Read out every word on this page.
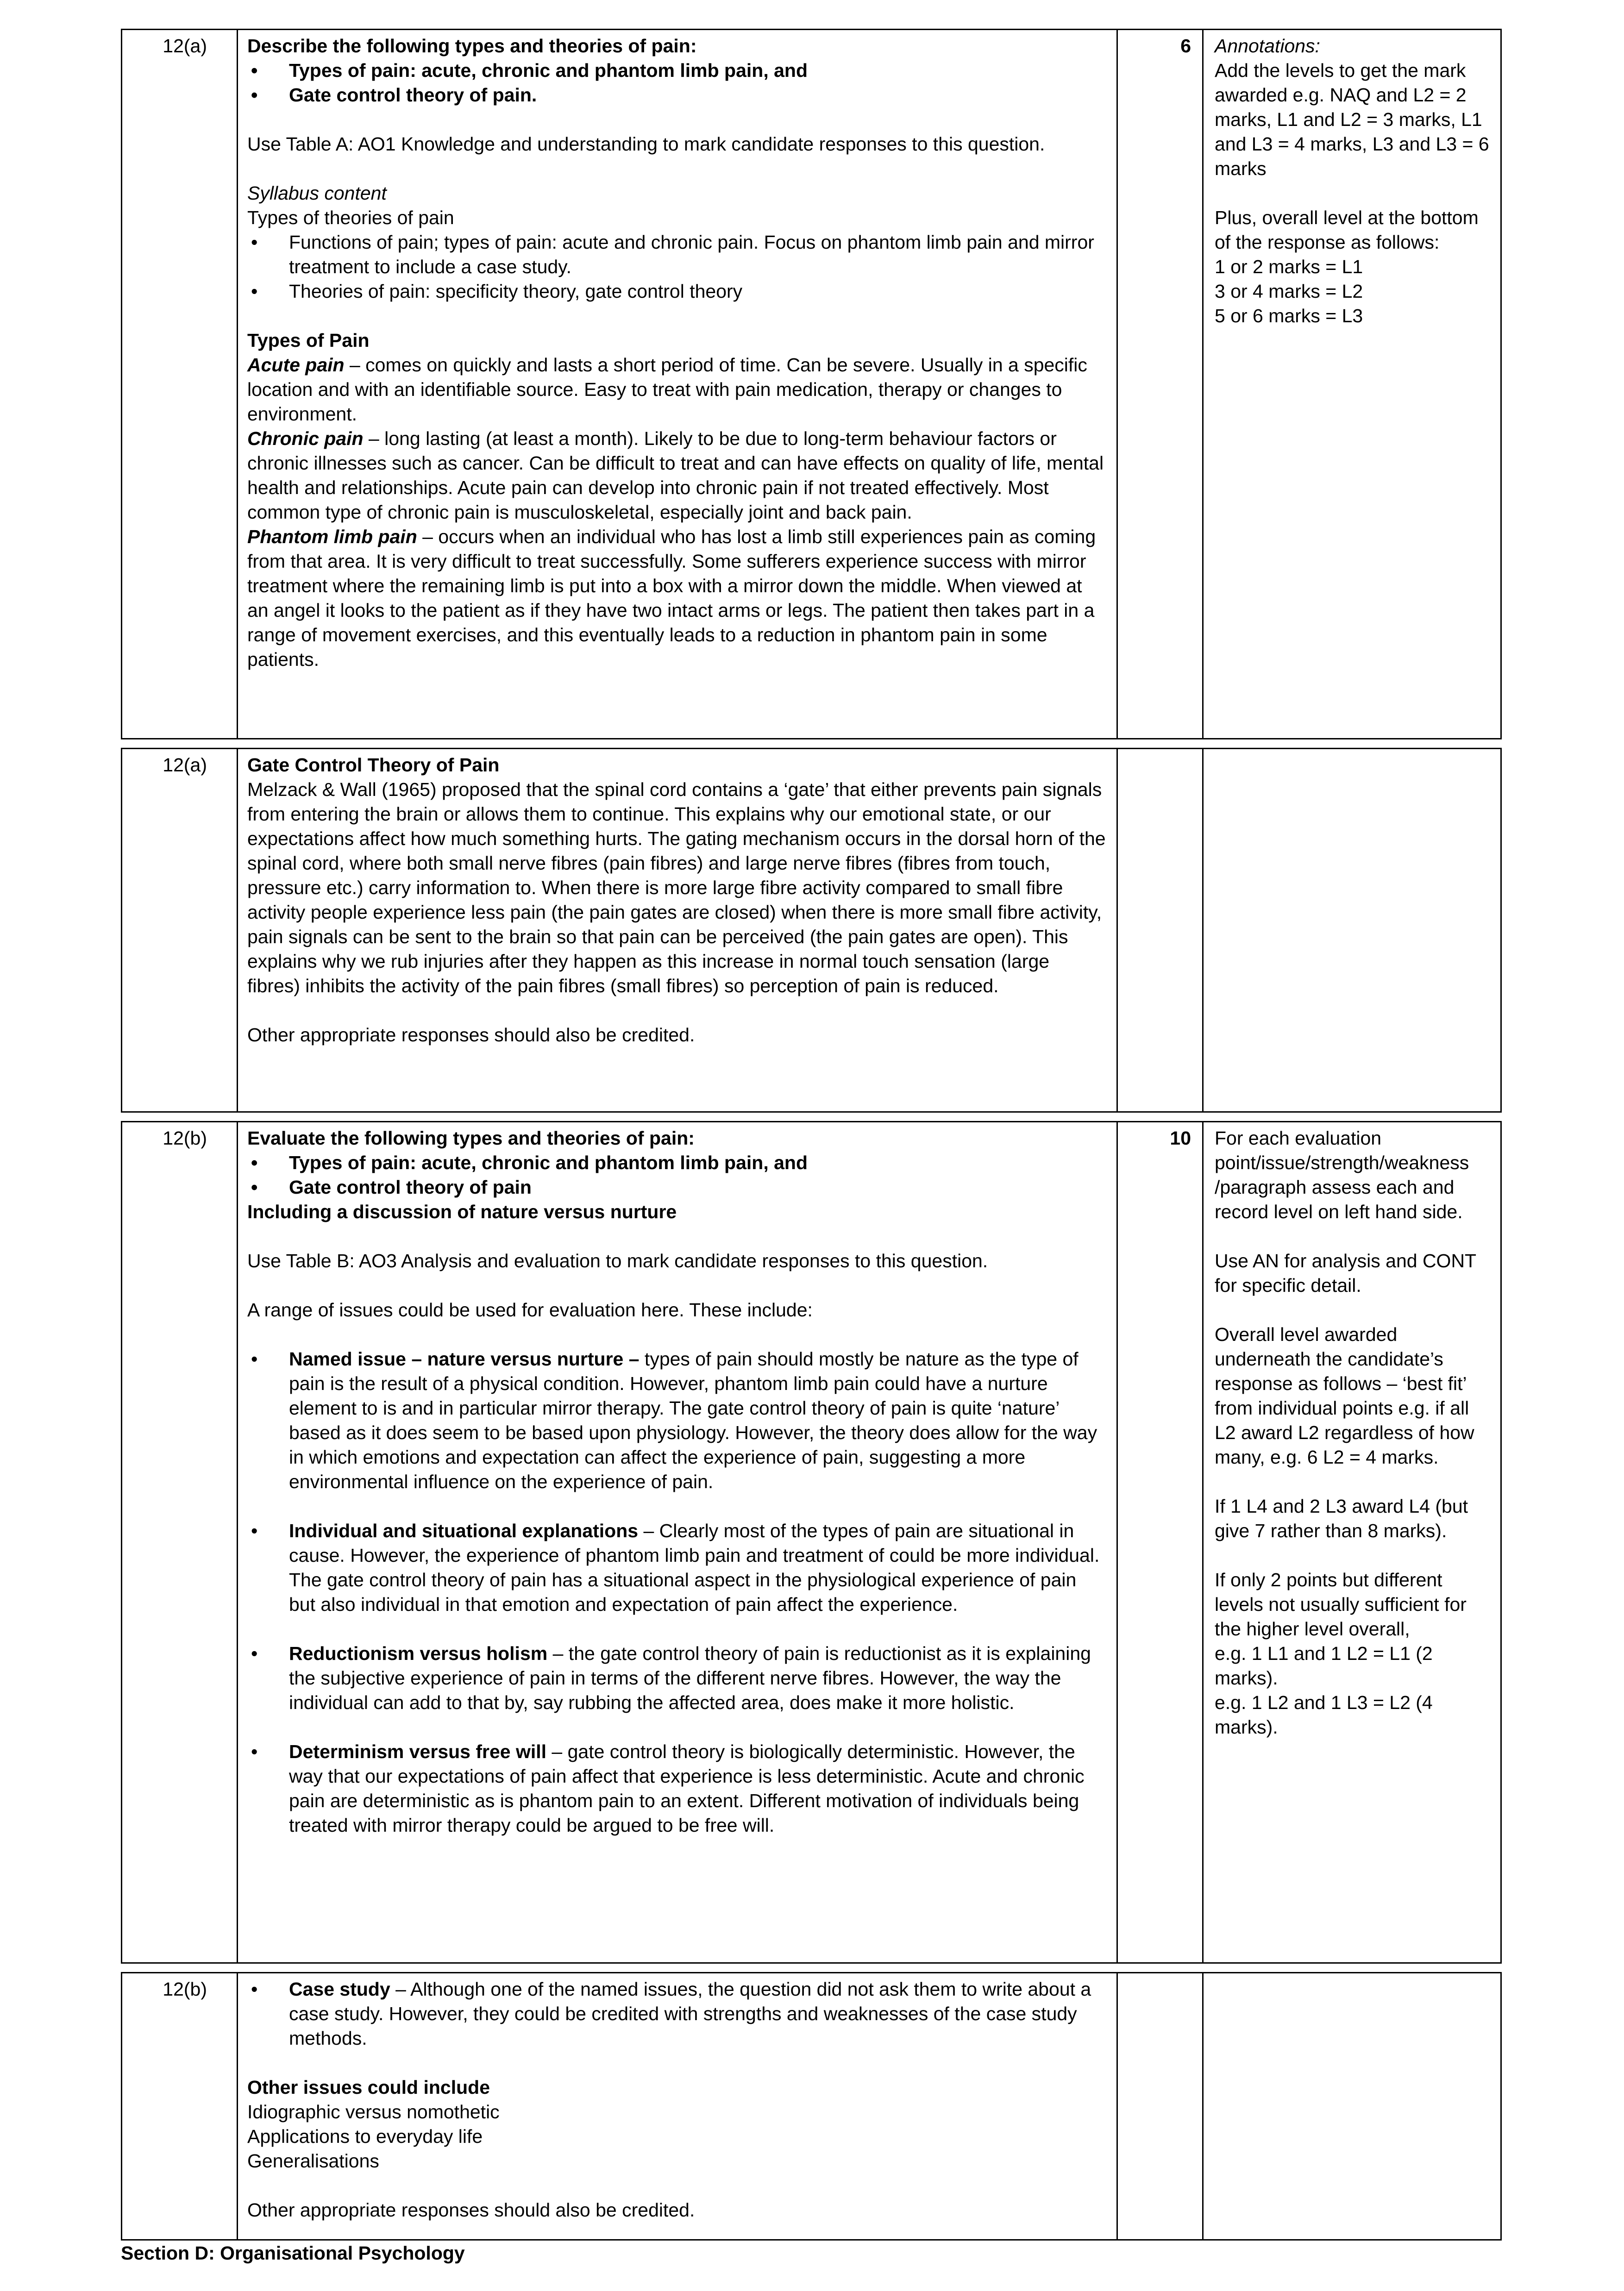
12(a)	Describe the following types and theories of pain:

• Types of pain: acute, chronic and phantom limb pain, and
• Gate control theory of pain.

Use Table A: AO1 Knowledge and understanding to mark candidate responses to this question.

Syllabus content

Types of theories of pain

• Functions of pain; types of pain: acute and chronic pain. Focus on phantom limb pain and mirror treatment to include a case study.
• Theories of pain: specificity theory, gate control theory

Types of Pain

Acute pain – comes on quickly and lasts a short period of time. Can be severe. Usually in a specific location and with an identifiable source. Easy to treat with pain medication, therapy or changes to environment.

Chronic pain – long lasting (at least a month). Likely to be due to long-term behaviour factors or chronic illnesses such as cancer. Can be difficult to treat and can have effects on quality of life, mental health and relationships. Acute pain can develop into chronic pain if not treated effectively. Most common type of chronic pain is musculoskeletal, especially joint and back pain.

Phantom limb pain – occurs when an individual who has lost a limb still experiences pain as coming from that area. It is very difficult to treat successfully. Some sufferers experience success with mirror treatment where the remaining limb is put into a box with a mirror down the middle. When viewed at an angel it looks to the patient as if they have two intact arms or legs. The patient then takes part in a range of movement exercises, and this eventually leads to a reduction in phantom pain in some patients.

6	Annotations:

Add the levels to get the mark awarded e.g. NAQ and L2 = 2 marks, L1 and L2 = 3 marks, L1 and L3 = 4 marks, L3 and L3 = 6 marks

Plus, overall level at the bottom of the response as follows:

1 or 2 marks = L1

3 or 4 marks = L2

5 or 6 marks = L3

12(a)	Gate Control Theory of Pain

Melzack & Wall (1965) proposed that the spinal cord contains a ‘gate’ that either prevents pain signals from entering the brain or allows them to continue. This explains why our emotional state, or our expectations affect how much something hurts. The gating mechanism occurs in the dorsal horn of the spinal cord, where both small nerve fibres (pain fibres) and large nerve fibres (fibres from touch, pressure etc.) carry information to. When there is more large fibre activity compared to small fibre activity people experience less pain (the pain gates are closed) when there is more small fibre activity, pain signals can be sent to the brain so that pain can be perceived (the pain gates are open). This explains why we rub injuries after they happen as this increase in normal touch sensation (large fibres) inhibits the activity of the pain fibres (small fibres) so perception of pain is reduced.

Other appropriate responses should also be credited.

12(b)	Evaluate the following types and theories of pain:

• Types of pain: acute, chronic and phantom limb pain, and
• Gate control theory of pain

Including a discussion of nature versus nurture

Use Table B: AO3 Analysis and evaluation to mark candidate responses to this question.

A range of issues could be used for evaluation here. These include:

• Named issue – nature versus nurture – types of pain should mostly be nature as the type of pain is the result of a physical condition. However, phantom limb pain could have a nurture element to is and in particular mirror therapy. The gate control theory of pain is quite ‘nature’ based as it does seem to be based upon physiology. However, the theory does allow for the way in which emotions and expectation can affect the experience of pain, suggesting a more environmental influence on the experience of pain.
• Individual and situational explanations – Clearly most of the types of pain are situational in cause. However, the experience of phantom limb pain and treatment of could be more individual. The gate control theory of pain has a situational aspect in the physiological experience of pain but also individual in that emotion and expectation of pain affect the experience.
• Reductionism versus holism – the gate control theory of pain is reductionist as it is explaining the subjective experience of pain in terms of the different nerve fibres. However, the way the individual can add to that by, say rubbing the affected area, does make it more holistic.
• Determinism versus free will – gate control theory is biologically deterministic. However, the way that our expectations of pain affect that experience is less deterministic. Acute and chronic pain are deterministic as is phantom pain to an extent. Different motivation of individuals being treated with mirror therapy could be argued to be free will.
10	For each evaluation point/issue/strength/weakness /paragraph assess each and record level on left hand side.

Use AN for analysis and CONT for specific detail.

Overall level awarded underneath the candidate’s response as follows – ‘best fit’ from individual points e.g. if all L2 award L2 regardless of how many, e.g. 6 L2 = 4 marks.

If 1 L4 and 2 L3 award L4 (but give 7 rather than 8 marks).

If only 2 points but different levels not usually sufficient for the higher level overall,

e.g. 1 L1 and 1 L2 = L1 (2 marks).

e.g. 1 L2 and 1 L3 = L2 (4 marks).

12(b)
•	Case study – Although one of the named issues, the question did not ask them to write about a case study. However, they could be credited with strengths and weaknesses of the case study methods.

Other issues could include

Idiographic versus nomothetic

Applications to everyday life

Generalisations

Other appropriate responses should also be credited.

Section D: Organisational Psychology
